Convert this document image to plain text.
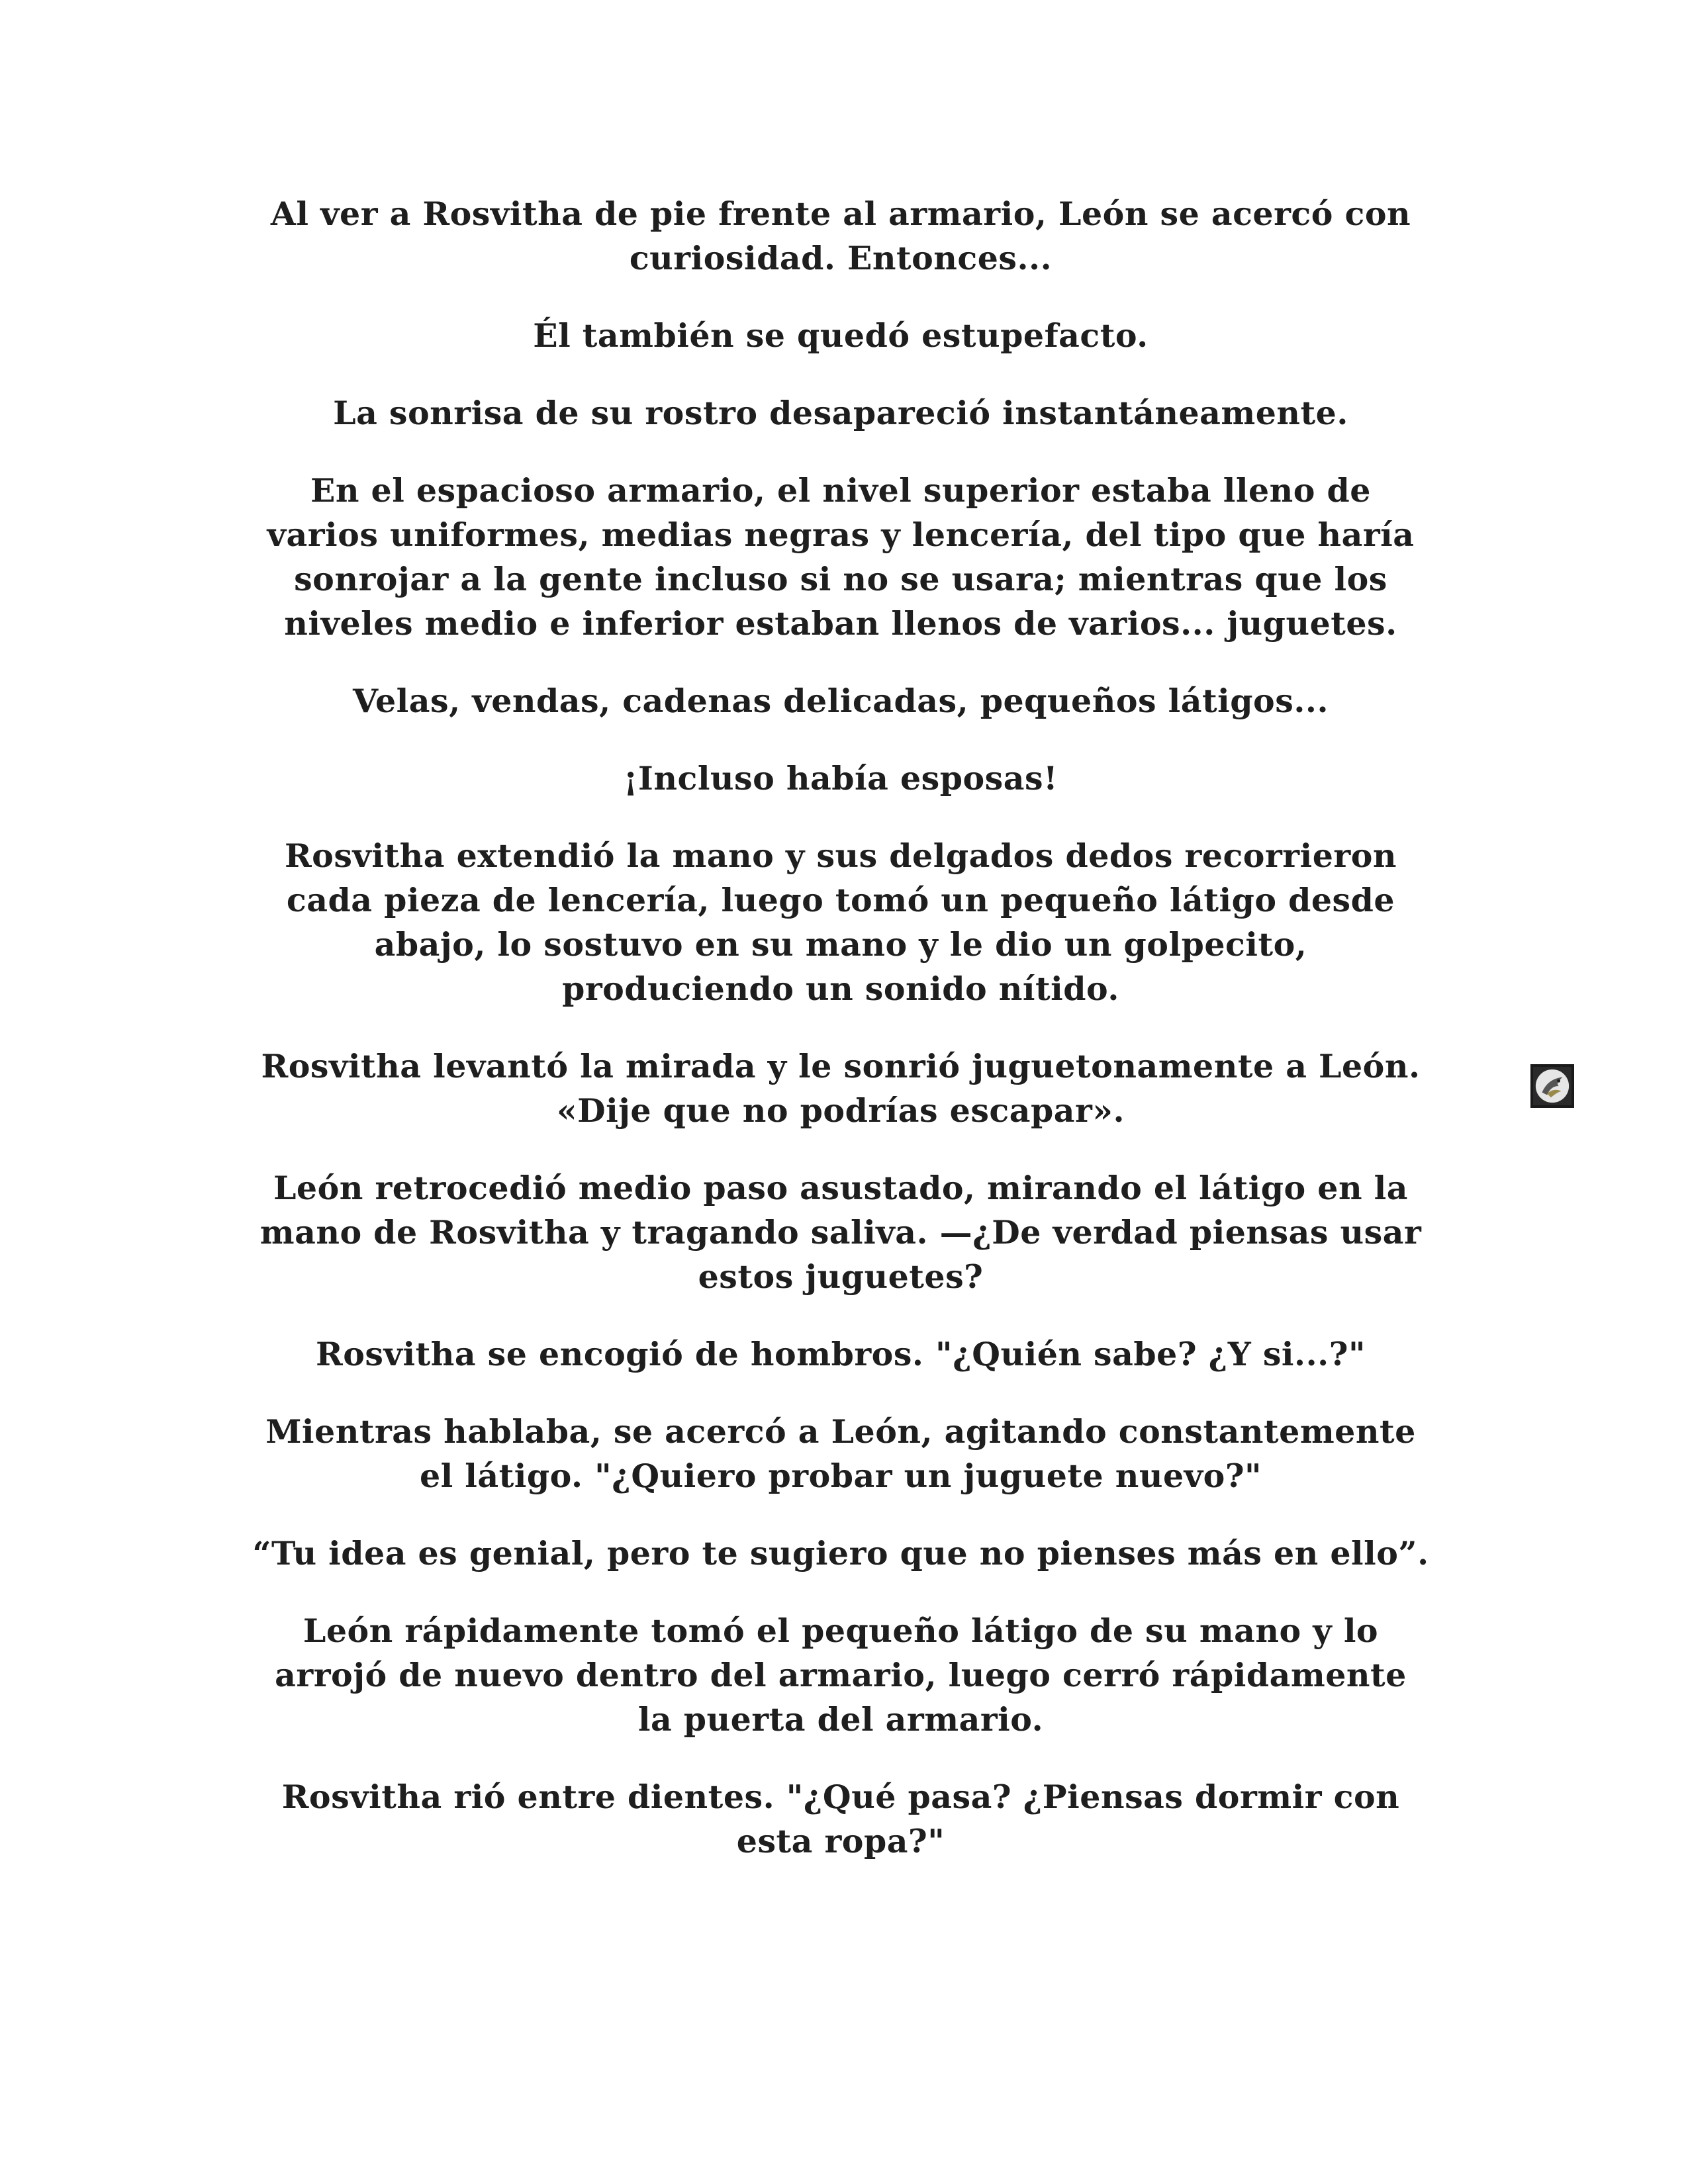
Al ver a Rosvitha de pie frente al armario, León se acercó con
curiosidad. Entonces...

Él también se quedó estupefacto.

La sonrisa de su rostro desapareció instantáneamente.

En el espacioso armario, el nivel superior estaba lleno de
varios uniformes, medias negras y lencería, del tipo que haría
sonrojar a la gente incluso si no se usara; mientras que los
niveles medio e inferior estaban llenos de varios... juguetes.

Velas, vendas, cadenas delicadas, pequeños látigos...

¡Incluso había esposas!

Rosvitha extendió la mano y sus delgados dedos recorrieron
cada pieza de lencería, luego tomó un pequeño látigo desde
abajo, lo sostuvo en su mano y le dio un golpecito,
produciendo un sonido nítido.

Rosvitha levantó la mirada y le sonrió juguetonamente a León.
«Dije que no podrías escapar».

León retrocedió medio paso asustado, mirando el látigo en la
mano de Rosvitha y tragando saliva. —¿De verdad piensas usar
estos juguetes?

Rosvitha se encogió de hombros. "¿Quién sabe? ¿Y si...?"

Mientras hablaba, se acercó a León, agitando constantemente
el látigo. "¿Quiero probar un juguete nuevo?"

“Tu idea es genial, pero te sugiero que no pienses más en ello”.

León rápidamente tomó el pequeño látigo de su mano y lo
arrojó de nuevo dentro del armario, luego cerró rápidamente
la puerta del armario.

Rosvitha rió entre dientes. "¿Qué pasa? ¿Piensas dormir con
esta ropa?"
